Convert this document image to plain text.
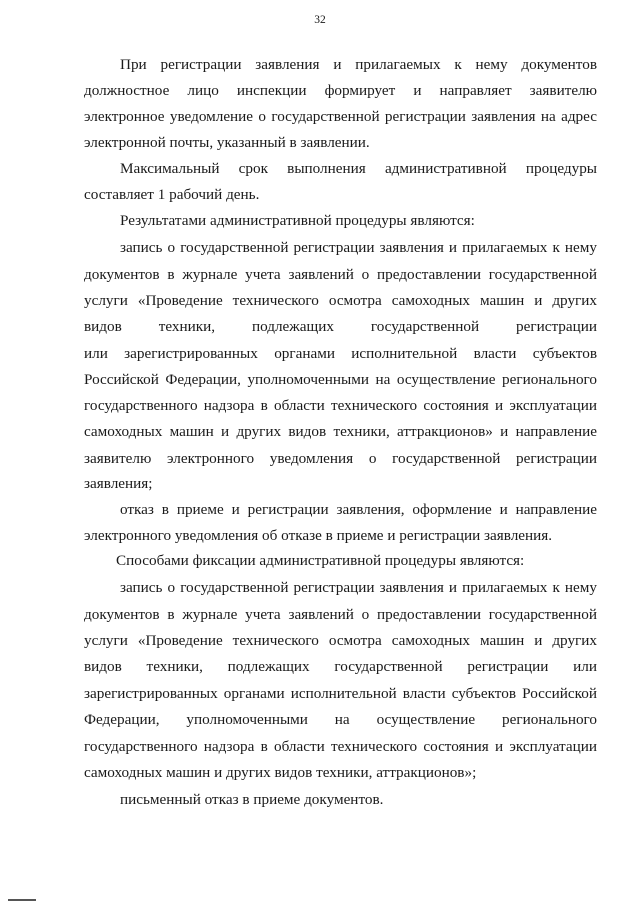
32
При регистрации заявления и прилагаемых к нему документов
должностное лицо инспекции формирует и направляет заявителю
электронное уведомление о государственной регистрации заявления на адрес
электронной почты, указанный в заявлении.
Максимальный срок выполнения административной процедуры
составляет 1 рабочий день.
Результатами административной процедуры являются:
запись о государственной регистрации заявления и прилагаемых к нему
документов в журнале учета заявлений о предоставлении государственной
услуги «Проведение технического осмотра самоходных машин и других
видов техники, подлежащих государственной регистрации
или зарегистрированных органами исполнительной власти субъектов
Российской Федерации, уполномоченными на осуществление регионального
государственного надзора в области технического состояния и эксплуатации
самоходных машин и других видов техники, аттракционов» и направление
заявителю электронного уведомления о государственной регистрации
заявления;
отказ в приеме и регистрации заявления, оформление и направление
электронного уведомления об отказе в приеме и регистрации заявления.
Способами фиксации административной процедуры являются:
запись о государственной регистрации заявления и прилагаемых к нему
документов в журнале учета заявлений о предоставлении государственной
услуги «Проведение технического осмотра самоходных машин и других
видов техники, подлежащих государственной регистрации или
зарегистрированных органами исполнительной власти субъектов Российской
Федерации, уполномоченными на осуществление регионального
государственного надзора в области технического состояния и эксплуатации
самоходных машин и других видов техники, аттракционов»;
письменный отказ в приеме документов.
